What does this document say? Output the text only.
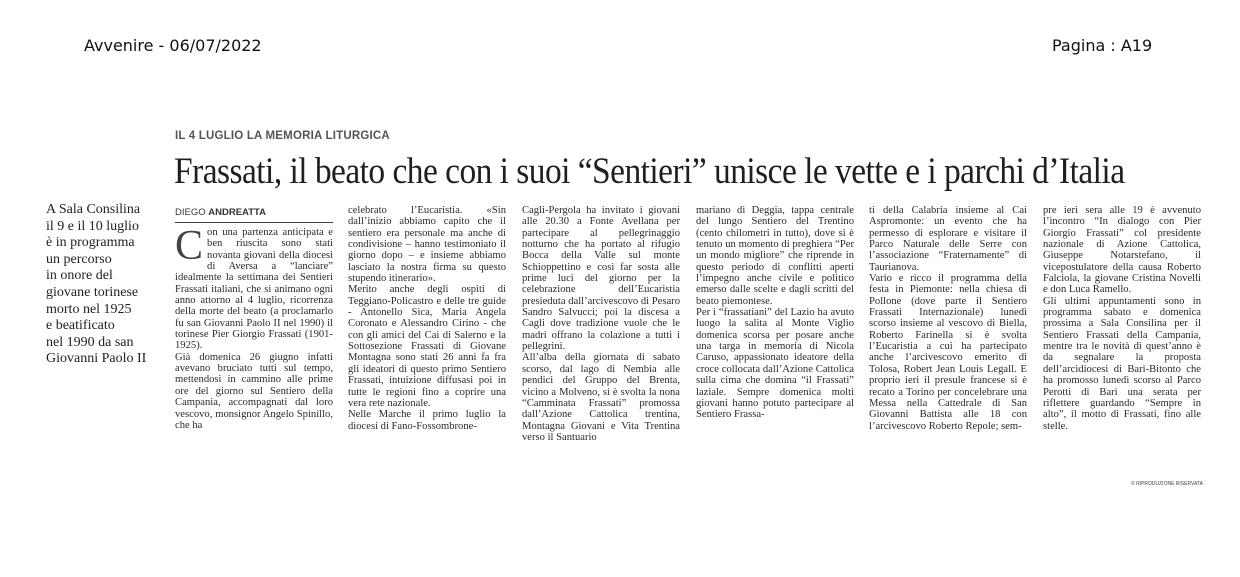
Avvenire - 06/07/2022	Pagina : A19
IL 4 LUGLIO LA MEMORIA LITURGICA
Frassati, il beato che con i suoi “Sentieri” unisce le vette e i parchi d’Italia
A Sala Consilina
il 9 e il 10 luglio
è in programma
un percorso
in onore del
giovane torinese
morto nel 1925
e beatificato
nel 1990 da san
Giovanni Paolo II
DIEGO ANDREATTA
C on una partenza anticipata e ben riuscita sono stati novanta giovani della diocesi di Aversa a “lanciare” idealmente la settimana dei Sentieri Frassati italiani, che si animano ogni anno attorno al 4 luglio, ricorrenza della morte del beato (a proclamarlo fu san Giovanni Paolo II nel 1990) il torinese Pier Giorgio Frassati (1901-1925).

Già domenica 26 giugno infatti avevano bruciato tutti sul tempo, mettendosi in cammino alle prime ore del giorno sul Sentiero della Campania, accompagnati dal loro vescovo, monsignor Angelo Spinillo, che ha

celebrato l’Eucaristia. «Sin dall’inizio abbiamo capito che il sentiero era personale ma anche di condivisione – hanno testimoniato il giorno dopo – e insieme abbiamo lasciato la nostra firma su questo stupendo itinerario».

Merito anche degli ospiti di Teggiano-Policastro e delle tre guide - Antonello Sica, Maria Angela Coronato e Alessandro Cirino - che con gli amici del Cai di Salerno e la Sottosezione Frassati di Giovane Montagna sono stati 26 anni fa fra gli ideatori di questo primo Sentiero Frassati, intuizione diffusasi poi in tutte le regioni fino a coprire una vera rete nazionale.

Nelle Marche il primo luglio la diocesi di Fano-Fossombrone-

Cagli-Pergola ha invitato i giovani alle 20.30 a Fonte Avellana per partecipare al pellegrinaggio notturno che ha portato al rifugio Bocca della Valle sul monte Schioppettino e così far sosta alle prime luci del giorno per la celebrazione dell’Eucaristia presieduta dall’arcivescovo di Pesaro Sandro Salvucci; poi la discesa a Cagli dove tradizione vuole che le madri offrano la colazione a tutti i pellegrini.

All’alba della giornata di sabato scorso, dal lago di Nembia alle pendici del Gruppo del Brenta, vicino a Molveno, si è svolta la nona “Camminata Frassati” promossa dall’Azione Cattolica trentina, Montagna Giovani e Vita Trentina verso il Santuario

mariano di Deggia, tappa centrale del lungo Sentiero del Trentino (cento chilometri in tutto), dove si è tenuto un momento di preghiera “Per un mondo migliore” che riprende in questo periodo di conflitti aperti l’impegno anche civile e politico emerso dalle scelte e dagli scritti del beato piemontese.

Per i “frassatiani” del Lazio ha avuto luogo la salita al Monte Viglio domenica scorsa per posare anche una targa in memoria di Nicola Caruso, appassionato ideatore della croce collocata dall’Azione Cattolica sulla cima che domina “il Frassati” laziale. Sempre domenica molti giovani hanno potuto partecipare al Sentiero Frassa-

ti della Calabria insieme al Cai Aspromonte: un evento che ha permesso di esplorare e visitare il Parco Naturale delle Serre con l’associazione “Fraternamente” di Taurianova.

Vario e ricco il programma della festa in Piemonte: nella chiesa di Pollone (dove parte il Sentiero Frassati Internazionale) lunedì scorso insieme al vescovo di Biella, Roberto Farinella si è svolta l’Eucaristia a cui ha partecipato anche l’arcivescovo emerito di Tolosa, Robert Jean Louis Legall. E proprio ieri il presule francese si è recato a Torino per concelebrare una Messa nella Cattedrale di San Giovanni Battista alle 18 con l’arcivescovo Roberto Repole; sem-

pre ieri sera alle 19 è avvenuto l’incontro “In dialogo con Pier Giorgio Frassati” col presidente nazionale di Azione Cattolica, Giuseppe Notarstefano, il vicepostulatore della causa Roberto Falciola, la giovane Cristina Novelli e don Luca Ramello.

Gli ultimi appuntamenti sono in programma sabato e domenica prossima a Sala Consilina per il Sentiero Frassati della Campania, mentre tra le novità di quest’anno è da segnalare la proposta dell’arcidiocesi di Bari-Bitonto che ha promosso lunedì scorso al Parco Perotti di Bari una serata per riflettere guardando “Sempre in alto”, il motto di Frassati, fino alle stelle.

© RIPRODUZIONE RISERVATA
